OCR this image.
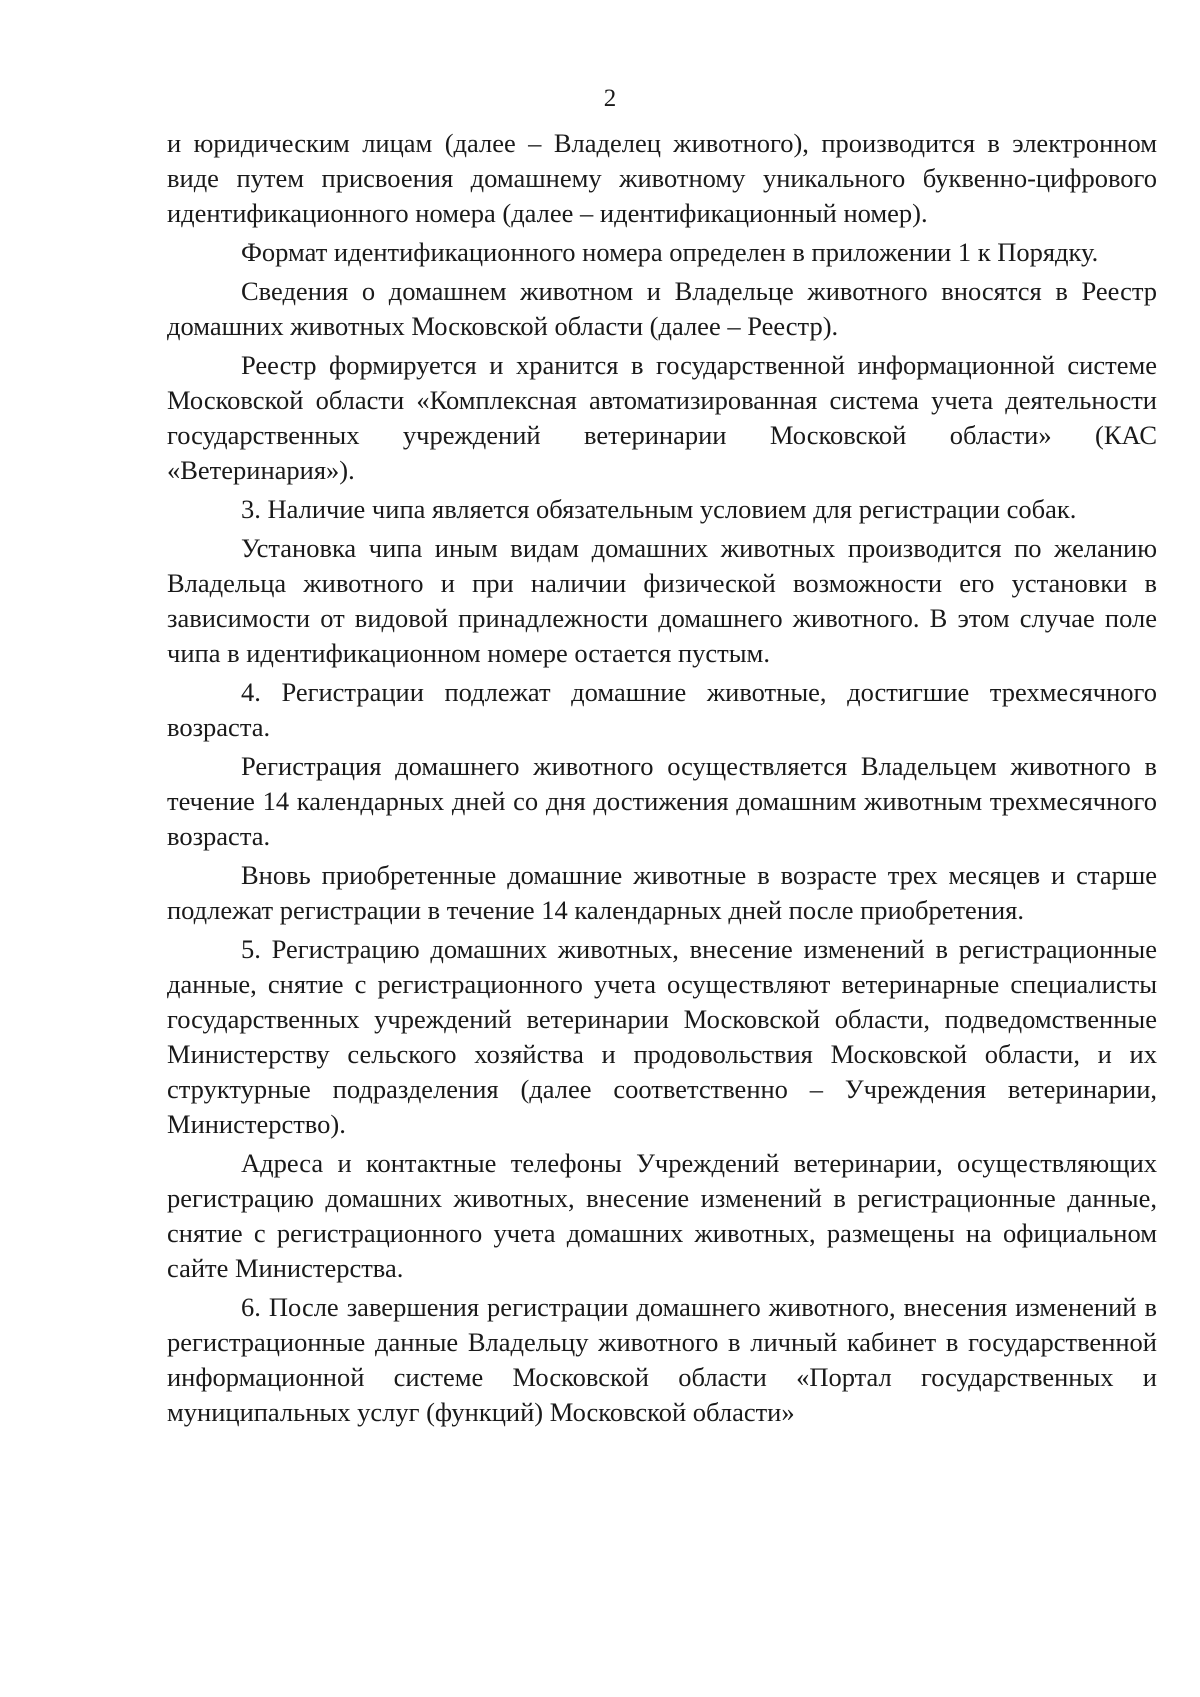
2

и юридическим лицам (далее – Владелец животного), производится в электронном виде путем присвоения домашнему животному уникального буквенно-цифрового идентификационного номера (далее – идентификационный номер).

Формат идентификационного номера определен в приложении 1 к Порядку.

Сведения о домашнем животном и Владельце животного вносятся в Реестр домашних животных Московской области (далее – Реестр).

Реестр формируется и хранится в государственной информационной системе Московской области «Комплексная автоматизированная система учета деятельности государственных учреждений ветеринарии Московской области» (КАС «Ветеринария»).

3. Наличие чипа является обязательным условием для регистрации собак.

Установка чипа иным видам домашних животных производится по желанию Владельца животного и при наличии физической возможности его установки в зависимости от видовой принадлежности домашнего животного. В этом случае поле чипа в идентификационном номере остается пустым.

4. Регистрации подлежат домашние животные, достигшие трехмесячного возраста.

Регистрация домашнего животного осуществляется Владельцем животного в течение 14 календарных дней со дня достижения домашним животным трехмесячного возраста.

Вновь приобретенные домашние животные в возрасте трех месяцев и старше подлежат регистрации в течение 14 календарных дней после приобретения.

5. Регистрацию домашних животных, внесение изменений в регистрационные данные, снятие с регистрационного учета осуществляют ветеринарные специалисты государственных учреждений ветеринарии Московской области, подведомственные Министерству сельского хозяйства и продовольствия Московской области, и их структурные подразделения (далее соответственно – Учреждения ветеринарии, Министерство).

Адреса и контактные телефоны Учреждений ветеринарии, осуществляющих регистрацию домашних животных, внесение изменений в регистрационные данные, снятие с регистрационного учета домашних животных, размещены на официальном сайте Министерства.

6. После завершения регистрации домашнего животного, внесения изменений в регистрационные данные Владельцу животного в личный кабинет в государственной информационной системе Московской области «Портал государственных и муниципальных услуг (функций) Московской области»
